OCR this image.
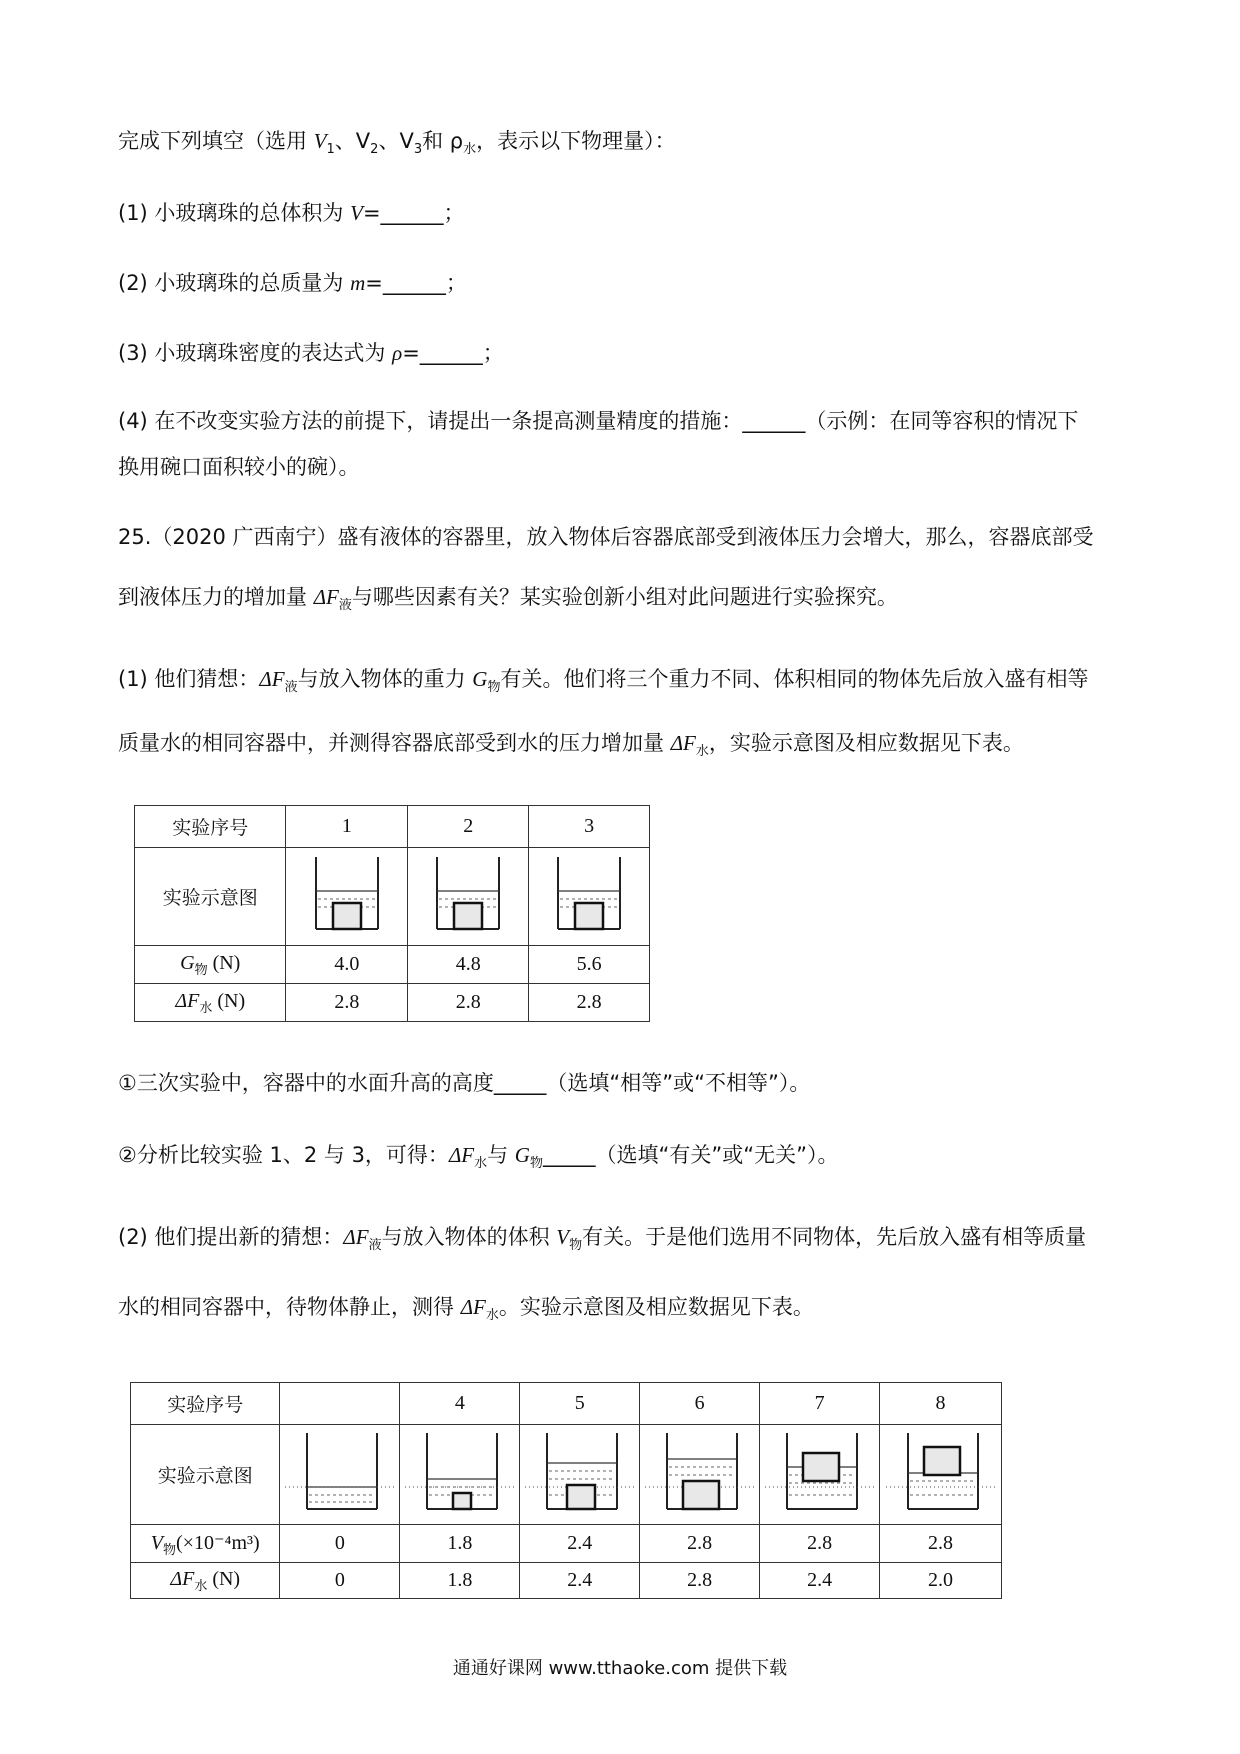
完成下列填空（选用 $V_1$、$V_2$、$V_3$和 $\rho_水$，表示以下物理量）：
(1) 小玻璃珠的总体积为 V=______；
(2) 小玻璃珠的总质量为 m=______；
(3) 小玻璃珠密度的表达式为 ρ=______；
(4) 在不改变实验方法的前提下，请提出一条提高测量精度的措施：______（示例：在同等容积的情况下
换用碗口面积较小的碗）。
25.（2020 广西南宁）盛有液体的容器里，放入物体后容器底部受到液体压力会增大，那么，容器底部受
到液体压力的增加量 $\Delta F_液$与哪些因素有关？某实验创新小组对此问题进行实验探究。
(1) 他们猜想：$\Delta F_液$与放入物体的重力 $G_物$有关。他们将三个重力不同、体积相同的物体先后放入盛有相等
质量水的相同容器中，并测得容器底部受到水的压力增加量 $\Delta F_水$，实验示意图及相应数据见下表。
实验序号	1	2	3
实验示意图			
$G_物$ (N)	4.0	4.8	5.6
$\Delta F_水$ (N)	2.8	2.8	2.8
①三次实验中，容器中的水面升高的高度_____（选填“相等”或“不相等”）。
②分析比较实验 1、2 与 3，可得：$\Delta F_水$与 $G_物\_\_\_\_\_$（选填“有关”或“无关”）。
(2) 他们提出新的猜想：$\Delta F_液$与放入物体的体积 $V_物$有关。于是他们选用不同物体，先后放入盛有相等质量
水的相同容器中，待物体静止，测得 $\Delta F_水$。实验示意图及相应数据见下表。
实验序号		4	5	6	7	8
实验示意图						
$V_物(\times 10^{-4}m^3)$	0	1.8	2.4	2.8	2.8	2.8
$\Delta F_水$ (N)	0	1.8	2.4	2.8	2.4	2.0
通通好课网 www.tthaoke.com 提供下载
